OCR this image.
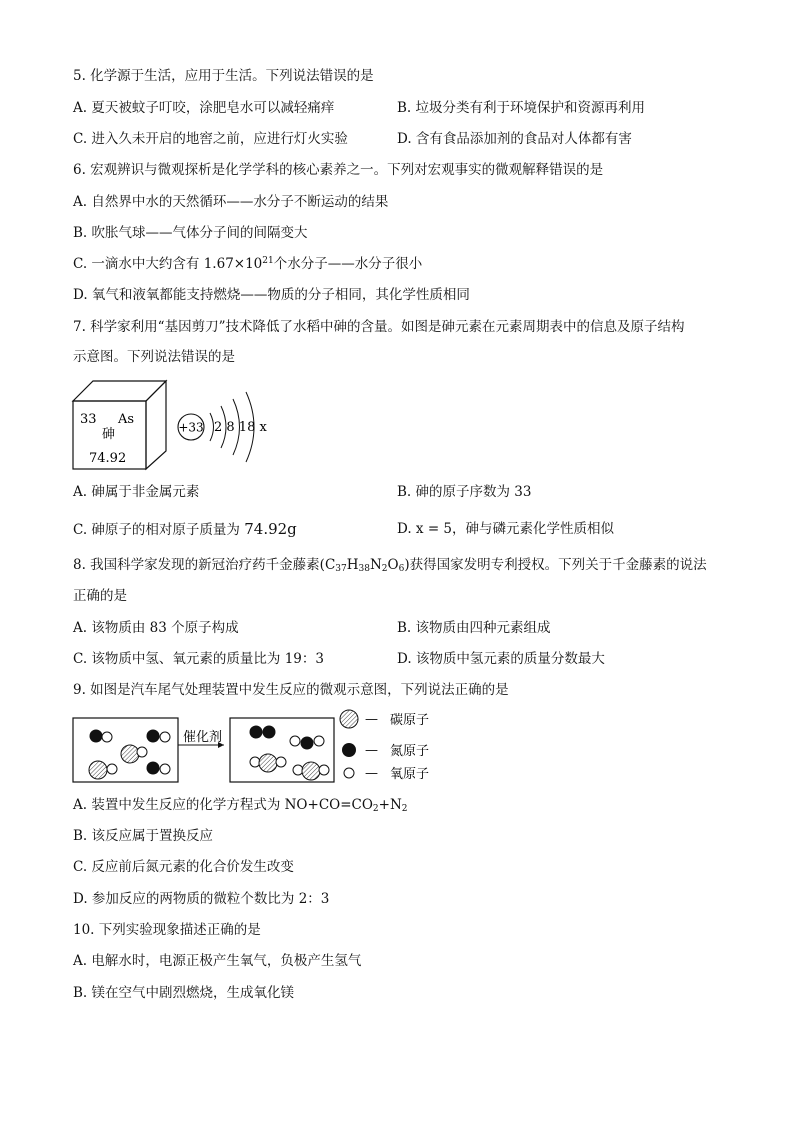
5. 化学源于生活，应用于生活。下列说法错误的是
A. 夏天被蚊子叮咬，涂肥皂水可以减轻痛痒	B. 垃圾分类有利于环境保护和资源再利用
C. 进入久未开启的地窖之前，应进行灯火实验	D. 含有食品添加剂的食品对人体都有害
6. 宏观辨识与微观探析是化学学科的核心素养之一。下列对宏观事实的微观解释错误的是
A. 自然界中水的天然循环——水分子不断运动的结果
B. 吹胀气球——气体分子间的间隔变大
C. 一滴水中大约含有 $1.67\times 10^{21}$个水分子——水分子很小
D. 氧气和液氧都能支持燃烧——物质的分子相同，其化学性质相同
7. 科学家利用“基因剪刀”技术降低了水稻中砷的含量。如图是砷元素在元素周期表中的信息及原子结构
示意图。下列说法错误的是
33 As
砷
74.92
+33 2 8 18 x
A. 砷属于非金属元素	B. 砷的原子序数为 33
C. 砷原子的相对原子质量为 74.92g	D. x = 5，砷与磷元素化学性质相似
8. 我国科学家发现的新冠治疗药千金藤素$(C_{37}H_{38}N_2O_6)$获得国家发明专利授权。下列关于千金藤素的说法
正确的是
A. 该物质由 83 个原子构成	B. 该物质由四种元素组成
C. 该物质中氢、氧元素的质量比为 19：3	D. 该物质中氢元素的质量分数最大
9. 如图是汽车尾气处理装置中发生反应的微观示意图，下列说法正确的是
催化剂
— 碳原子
— 氮原子
— 氧原子
A. 装置中发生反应的化学方程式为 $NO+CO=CO_2+N_2$
B. 该反应属于置换反应
C. 反应前后氮元素的化合价发生改变
D. 参加反应的两物质的微粒个数比为 2：3
10. 下列实验现象描述正确的是
A. 电解水时，电源正极产生氧气，负极产生氢气
B. 镁在空气中剧烈燃烧，生成氧化镁
